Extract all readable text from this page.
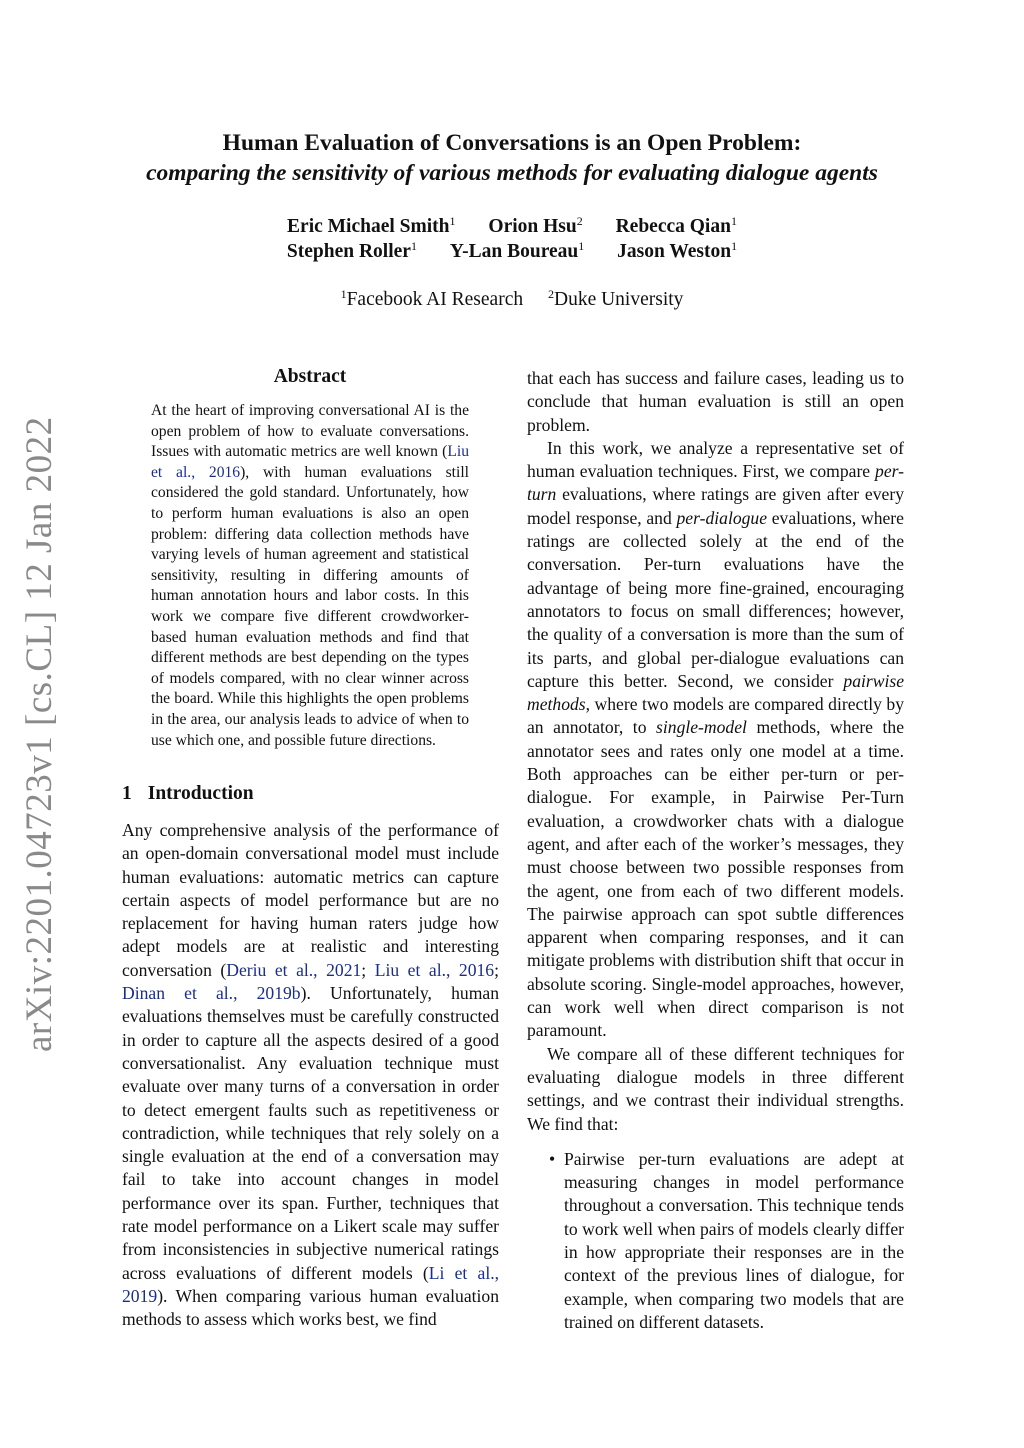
arXiv:2201.04723v1 [cs.CL] 12 Jan 2022
Human Evaluation of Conversations is an Open Problem:
comparing the sensitivity of various methods for evaluating dialogue agents
Eric Michael Smith$^1$ Orion Hsu$^2$ Rebecca Qian$^1$
Stephen Roller$^1$ Y-Lan Boureau$^1$ Jason Weston$^1$
$^1$Facebook AI Research $^2$Duke University
Abstract
At the heart of improving conversational AI is the open problem of how to evaluate conversations. Issues with automatic metrics are well known (Liu et al., 2016), with human evaluations still considered the gold standard. Unfortunately, how to perform human evaluations is also an open problem: differing data collection methods have varying levels of human agreement and statistical sensitivity, resulting in differing amounts of human annotation hours and labor costs. In this work we compare five different crowdworker-based human evaluation methods and find that different methods are best depending on the types of models compared, with no clear winner across the board. While this highlights the open problems in the area, our analysis leads to advice of when to use which one, and possible future directions.
1 Introduction

Any comprehensive analysis of the performance of an open-domain conversational model must include human evaluations: automatic metrics can capture certain aspects of model performance but are no replacement for having human raters judge how adept models are at realistic and interesting conversation (Deriu et al., 2021; Liu et al., 2016; Dinan et al., 2019b). Unfortunately, human evaluations themselves must be carefully constructed in order to capture all the aspects desired of a good conversationalist. Any evaluation technique must evaluate over many turns of a conversation in order to detect emergent faults such as repetitiveness or contradiction, while techniques that rely solely on a single evaluation at the end of a conversation may fail to take into account changes in model performance over its span. Further, techniques that rate model performance on a Likert scale may suffer from inconsistencies in subjective numerical ratings across evaluations of different models (Li et al., 2019). When comparing various human evaluation methods to assess which works best, we find

that each has success and failure cases, leading us to conclude that human evaluation is still an open problem.

In this work, we analyze a representative set of human evaluation techniques. First, we compare per-turn evaluations, where ratings are given after every model response, and per-dialogue evaluations, where ratings are collected solely at the end of the conversation. Per-turn evaluations have the advantage of being more fine-grained, encouraging annotators to focus on small differences; however, the quality of a conversation is more than the sum of its parts, and global per-dialogue evaluations can capture this better. Second, we consider pairwise methods, where two models are compared directly by an annotator, to single-model methods, where the annotator sees and rates only one model at a time. Both approaches can be either per-turn or per-dialogue. For example, in Pairwise Per-Turn evaluation, a crowdworker chats with a dialogue agent, and after each of the worker’s messages, they must choose between two possible responses from the agent, one from each of two different models. The pairwise approach can spot subtle differences apparent when comparing responses, and it can mitigate problems with distribution shift that occur in absolute scoring. Single-model approaches, however, can work well when direct comparison is not paramount.

We compare all of these different techniques for evaluating dialogue models in three different settings, and we contrast their individual strengths. We find that:

• Pairwise per-turn evaluations are adept at measuring changes in model performance throughout a conversation. This technique tends to work well when pairs of models clearly differ in how appropriate their responses are in the context of the previous lines of dialogue, for example, when comparing two models that are trained on different datasets.
